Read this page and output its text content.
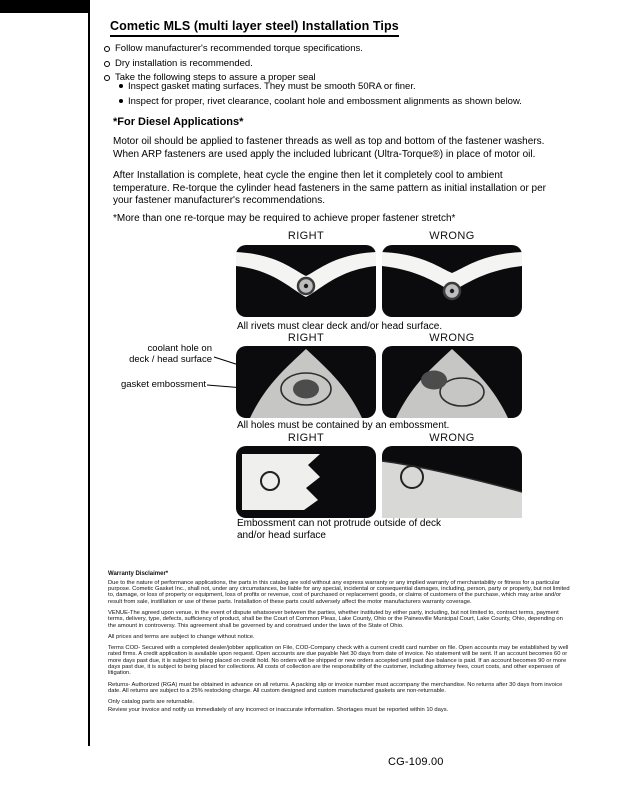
Cometic MLS (multi layer steel) Installation Tips
Follow manufacturer's recommended torque specifications.
Dry installation is recommended.
Take the following steps to assure a proper seal
Inspect gasket mating surfaces. They must be smooth 50RA or finer.
Inspect for proper, rivet clearance, coolant hole and embossment alignments as shown below.
*For Diesel Applications*
Motor oil should be applied to fastener threads as well as top and bottom of the fastener washers. When ARP fasteners are used apply the included lubricant (Ultra-Torque®) in place of motor oil.
After Installation is complete, heat cycle the engine then let it completely cool to ambient temperature. Re-torque the cylinder head fasteners in the same pattern as initial installation or per your fastener manufacturer's recommendations.
*More than one re-torque may be required to achieve proper fastener stretch*
RIGHT	WRONG
All rivets must clear deck and/or head surface.
RIGHT	WRONG
coolant hole on
deck / head surface
gasket embossment
All holes must be contained by an embossment.
RIGHT	WRONG
Embossment can not protrude outside of deck and/or head surface
Warranty Disclaimer*

Due to the nature of performance applications, the parts in this catalog are sold without any express warranty or any implied warranty of merchantability or fitness for a particular purpose. Cometic Gasket Inc., shall not, under any circumstances, be liable for any special, incidental or consequential damages, including, person, party or property, but not limited to, damage, or loss of property or equipment, loss of profits or revenue, cost of purchased or replacement goods, or claims of customers of the purchase, which may arise and/or result from sale, instillation or use of these parts. Installation of these parts could adversely affect the motor manufacturers warranty coverage.

VENUE-The agreed upon venue, in the event of dispute whatsoever between the parties, whether instituted by either party, including, but not limited to, contract terms, payment terms, delivery, type, defects, sufficiency of product, shall be the Court of Common Pleas, Lake County, Ohio or the Painesville Municipal Court, Lake County, Ohio, depending on the amount in controversy. This agreement shall be governed by and construed under the laws of the State of Ohio.

All prices and terms are subject to change without notice.

Terms COD- Secured with a completed dealer/jobber application on File, COD-Company check with a current credit card number on file. Open accounts may be established by well rated firms. A credit application is available upon request. Open accounts are due payable Net 30 days from date of invoice. No statement will be sent. If an account becomes 60 or more days past due, it is subject to being placed on credit hold. No orders will be shipped or new orders accepted until past due balance is paid. If an account becomes 90 or more days past due, it is subject to being placed for collections. All costs of collection are the responsibility of the customer, including attorney fees, court costs, and other expenses of litigation.

Returns- Authorized (RGA) must be obtained in advance on all returns. A packing slip or invoice number must accompany the merchandise. No returns after 30 days from invoice date. All returns are subject to a 25% restocking charge. All custom designed and custom manufactured gaskets are non-returnable.

Only catalog parts are returnable.

Review your invoice and notify us immediately of any incorrect or inaccurate information. Shortages must be reported within 10 days.

CG-109.00
